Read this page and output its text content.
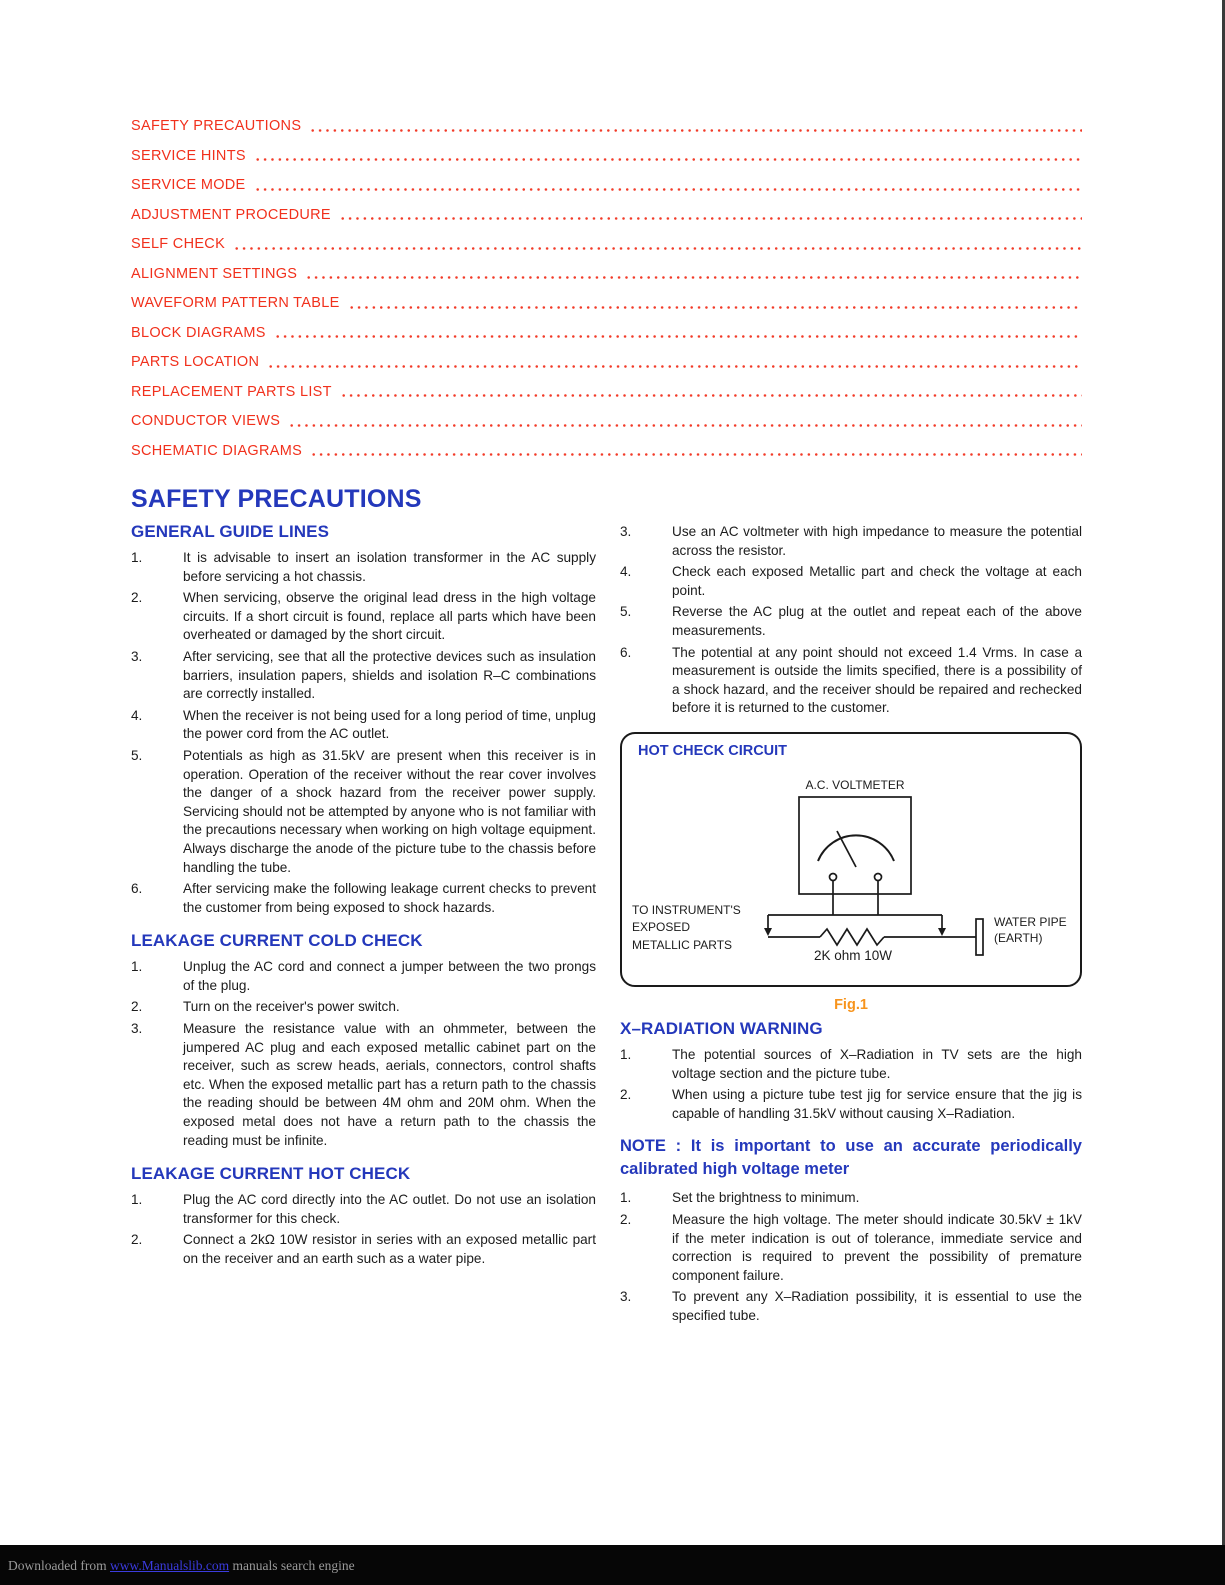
SAFETY PRECAUTIONS
SERVICE HINTS
SERVICE MODE
ADJUSTMENT PROCEDURE
SELF CHECK
ALIGNMENT SETTINGS
WAVEFORM PATTERN TABLE
BLOCK DIAGRAMS
PARTS LOCATION
REPLACEMENT PARTS LIST
CONDUCTOR VIEWS
SCHEMATIC DIAGRAMS
SAFETY PRECAUTIONS
GENERAL GUIDE LINES
1.	It is advisable to insert an isolation transformer in the AC supply before servicing a hot chassis.
2.	When servicing, observe the original lead dress in the high voltage circuits. If a short circuit is found, replace all parts which have been overheated or damaged by the short circuit.
3.	After servicing, see that all the protective devices such as insulation barriers, insulation papers, shields and isolation R–C combinations are correctly installed.
4.	When the receiver is not being used for a long period of time, unplug the power cord from the AC outlet.
5.	Potentials as high as 31.5kV are present when this receiver is in operation. Operation of the receiver without the rear cover involves the danger of a shock hazard from the receiver power supply. Servicing should not be attempted by anyone who is not familiar with the precautions necessary when working on high voltage equipment. Always discharge the anode of the picture tube to the chassis before handling the tube.
6.	After servicing make the following leakage current checks to prevent the customer from being exposed to shock hazards.
LEAKAGE CURRENT COLD CHECK
1.	Unplug the AC cord and connect a jumper between the two prongs of the plug.
2.	Turn on the receiver's power switch.
3.	Measure the resistance value with an ohmmeter, between the jumpered AC plug and each exposed metallic cabinet part on the receiver, such as screw heads, aerials, connectors, control shafts etc. When the exposed metallic part has a return path to the chassis the reading should be between 4M ohm and 20M ohm. When the exposed metal does not have a return path to the chassis the reading must be infinite.
LEAKAGE CURRENT HOT CHECK
1.	Plug the AC cord directly into the AC outlet. Do not use an isolation transformer for this check.
2.	Connect a 2kΩ 10W resistor in series with an exposed metallic part on the receiver and an earth such as a water pipe.
3.	Use an AC voltmeter with high impedance to measure the potential across the resistor.
4.	Check each exposed Metallic part and check the voltage at each point.
5.	Reverse the AC plug at the outlet and repeat each of the above measurements.
6.	The potential at any point should not exceed 1.4 Vrms. In case a measurement is outside the limits specified, there is a possibility of a shock hazard, and the receiver should be repaired and rechecked before it is returned to the customer.
HOT CHECK CIRCUIT
A.C. VOLTMETER
TO INSTRUMENT'S
EXPOSED
METALLIC PARTS
2K ohm 10W
WATER PIPE
(EARTH)
Fig.1
X–RADIATION WARNING
1.	The potential sources of X–Radiation in TV sets are the high voltage section and the picture tube.
2.	When using a picture tube test jig for service ensure that the jig is capable of handling 31.5kV without causing X–Radiation.
NOTE : It is important to use an accurate periodically calibrated high voltage meter
1.	Set the brightness to minimum.
2.	Measure the high voltage. The meter should indicate 30.5kV ± 1kV if the meter indication is out of tolerance, immediate service and correction is required to prevent the possibility of premature component failure.
3.	To prevent any X–Radiation possibility, it is essential to use the specified tube.
Downloaded from www.Manualslib.com manuals search engine
